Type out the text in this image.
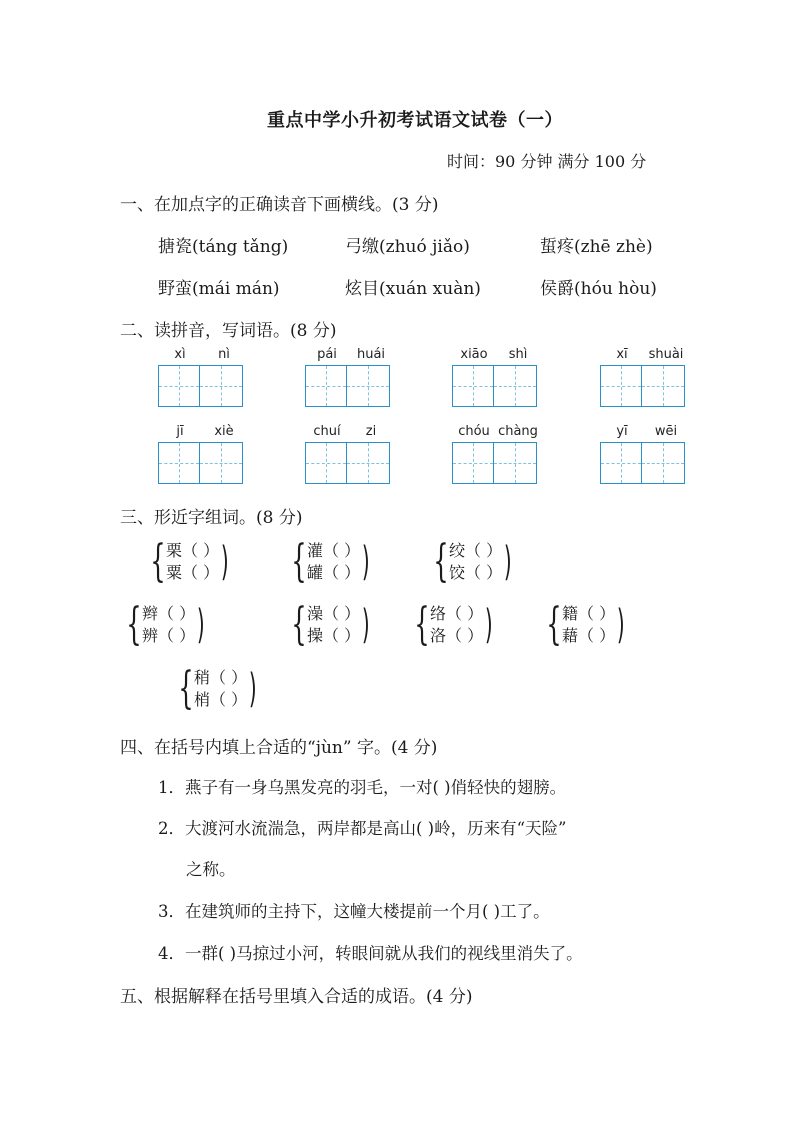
重点中学小升初考试语文试卷（一）
时间：90 分钟 满分 100 分
一、在加点字的正确读音下画横线。(3 分)
搪瓷(táng tǎng)	弓缴(zhuó jiǎo)	蜇疼(zhē zhè)
野蛮(mái mán)	炫目(xuán xuàn)	侯爵(hóu hòu)
二、读拼音，写词语。(8 分)
xì	nì	pái	huái	xiāo	shì	xī	shuài
jī	xiè	chuí	zi	chóu chàng	yī	wēi
三、形近字组词。(8 分)
{ 栗（ ）
粟（ ） ) { 灌（ ）
罐（ ） ) { 绞（ ）
饺（ ） )
{ 辫（ ）
辨（ ） ) { 澡（ ）
操（ ） ) { 络（ ）
洛（ ） ) { 籍（ ）
藉（ ） )
{ 稍（ ）
梢（ ） )
四、在括号内填上合适的“jùn” 字。(4 分)
1．燕子有一身乌黑发亮的羽毛，一对( )俏轻快的翅膀。
2．大渡河水流湍急，两岸都是高山( )岭，历来有“天险”
之称。
3．在建筑师的主持下，这幢大楼提前一个月( )工了。
4．一群( )马掠过小河，转眼间就从我们的视线里消失了。
五、根据解释在括号里填入合适的成语。(4 分)
